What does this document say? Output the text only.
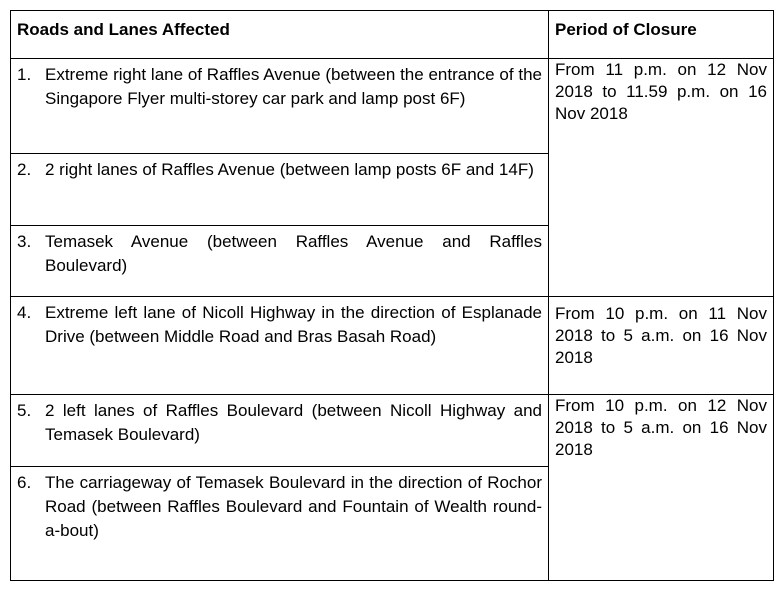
Roads and Lanes Affected	Period of Closure

1. Extreme right lane of Raffles Avenue (between the entrance of the Singapore Flyer multi-storey car park and lamp post 6F)	From 11 p.m. on 12 Nov 2018 to 11.59 p.m. on 16 Nov 2018

2. 2 right lanes of Raffles Avenue (between lamp posts 6F and 14F)	

3. Temasek Avenue (between Raffles Avenue and Raffles Boulevard)	

4. Extreme left lane of Nicoll Highway in the direction of Esplanade Drive (between Middle Road and Bras Basah Road)	From 10 p.m. on 11 Nov 2018 to 5 a.m. on 16 Nov 2018

5. 2 left lanes of Raffles Boulevard (between Nicoll Highway and Temasek Boulevard)	From 10 p.m. on 12 Nov 2018 to 5 a.m. on 16 Nov 2018

6. The carriageway of Temasek Boulevard in the direction of Rochor Road (between Raffles Boulevard and Fountain of Wealth round-a-bout)	
